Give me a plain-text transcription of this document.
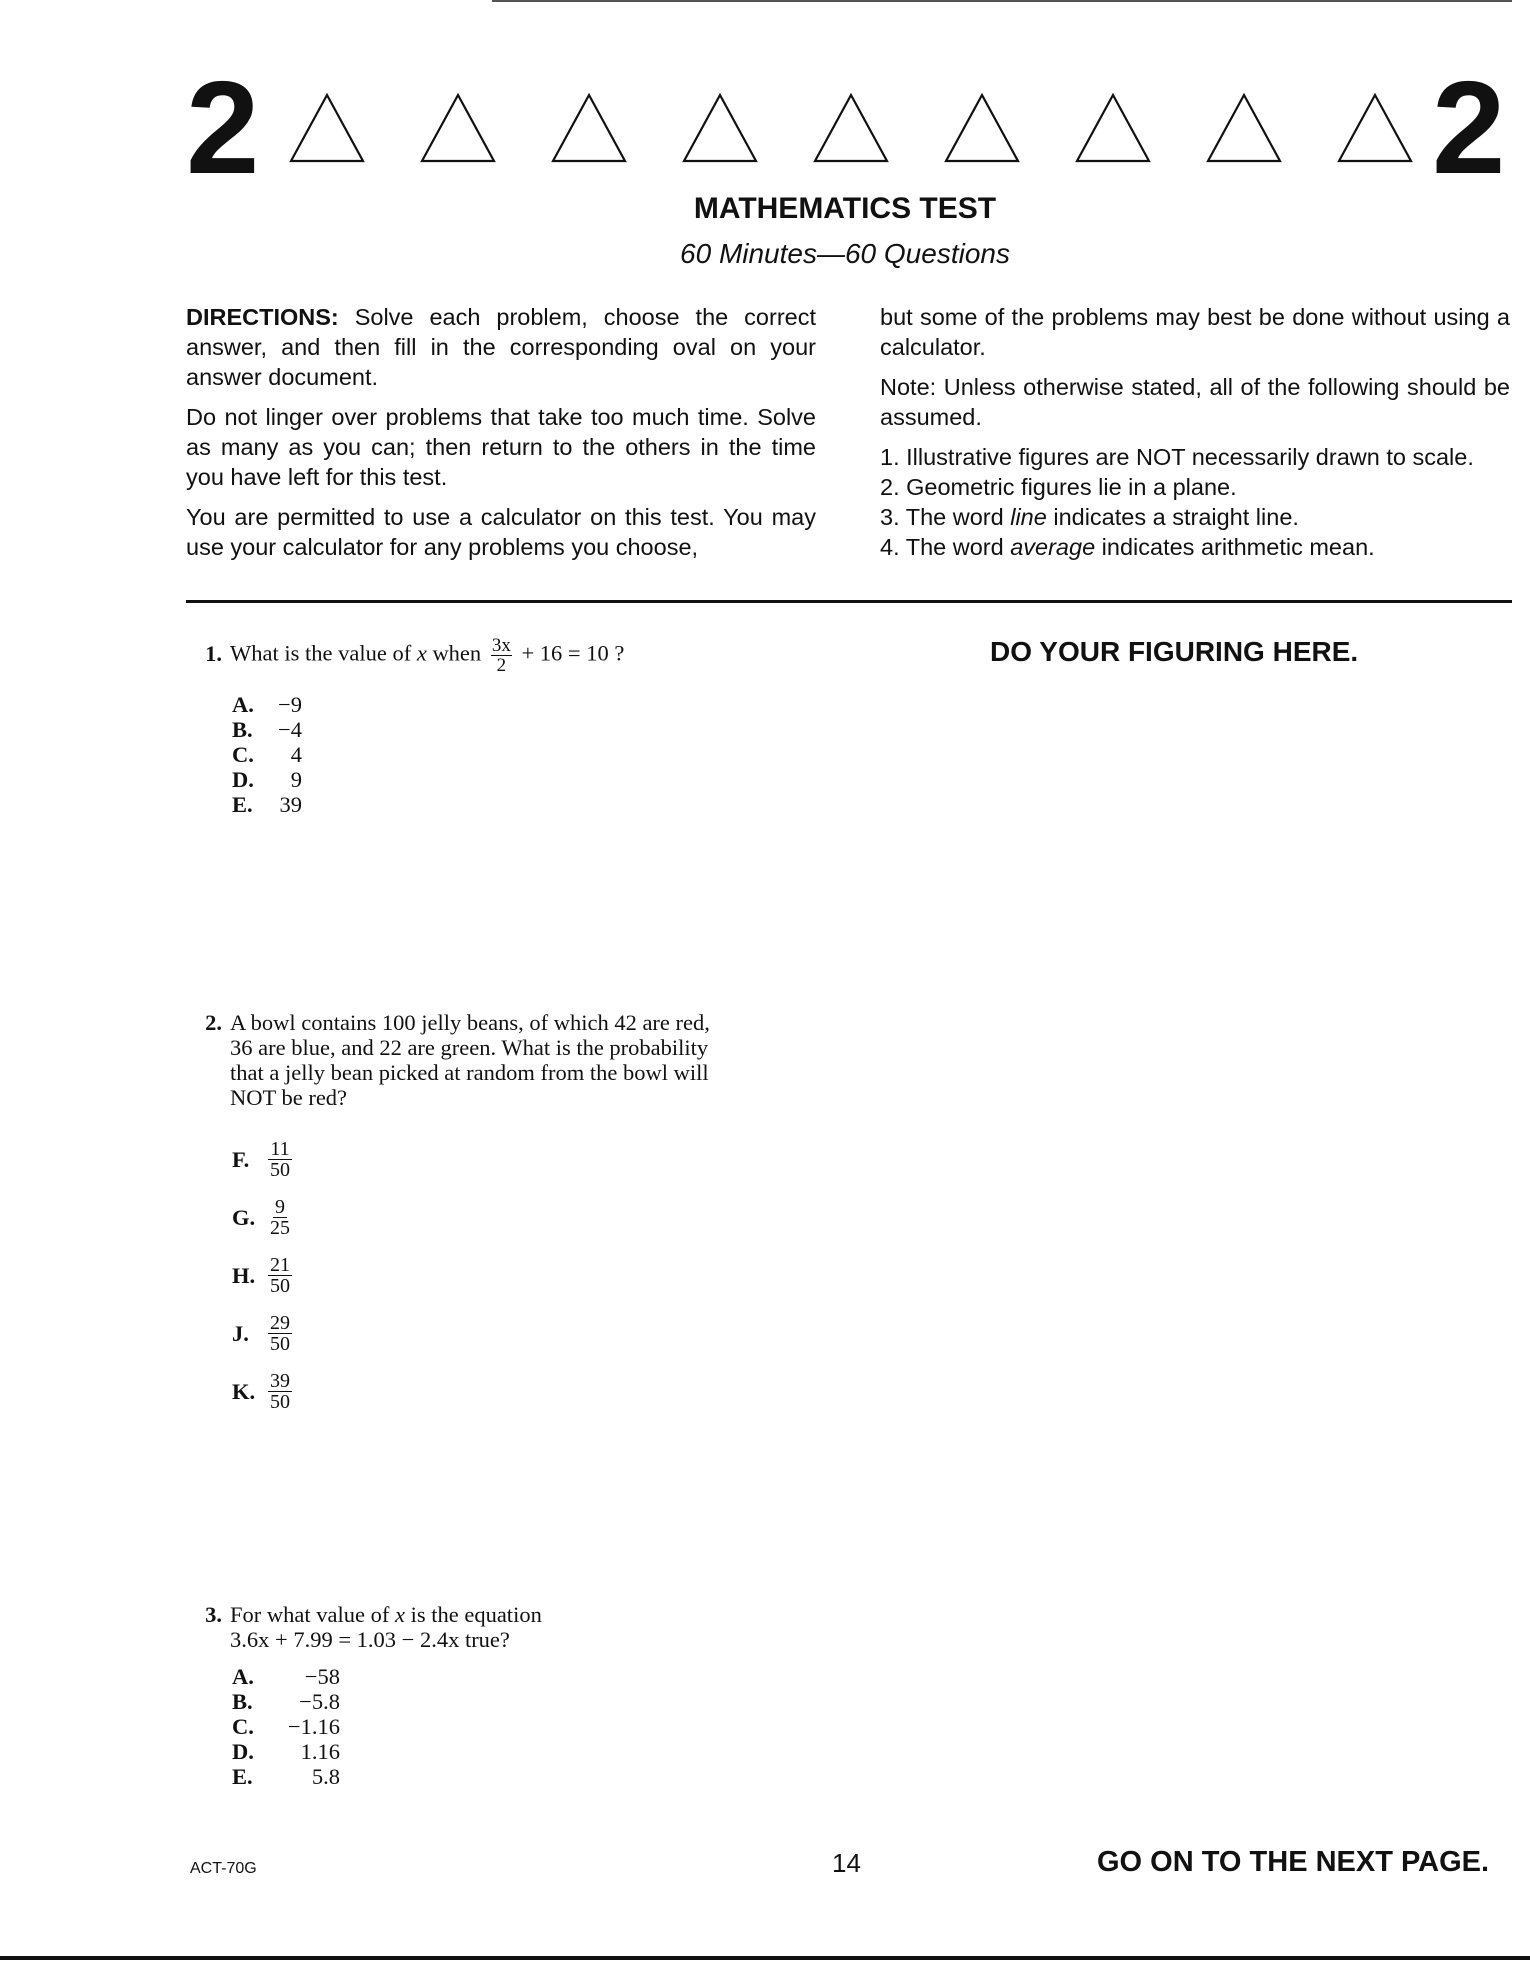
2	2
MATHEMATICS TEST
60 Minutes—60 Questions

DIRECTIONS: Solve each problem, choose the correct answer, and then fill in the corresponding oval on your answer document.

Do not linger over problems that take too much time. Solve as many as you can; then return to the others in the time you have left for this test.

You are permitted to use a calculator on this test. You may use your calculator for any problems you choose,

but some of the problems may best be done without using a calculator.

Note: Unless otherwise stated, all of the following should be assumed.

1. Illustrative figures are NOT necessarily drawn to scale.
2. Geometric figures lie in a plane.
3. The word line indicates a straight line.
4. The word average indicates arithmetic mean.
DO YOUR FIGURING HERE.
1. What is the value of x when $\frac{3x}{2} + 16 = 10$ ?
A.	−9
B.	−4
C.	4
D.	9
E.	39
2. A bowl contains 100 jelly beans, of which 42 are red,
36 are blue, and 22 are green. What is the probability
that a jelly bean picked at random from the bowl will
NOT be red?
F. $\frac{11}{50}$
G. $\frac{9}{25}$
H. $\frac{21}{50}$
J. $\frac{29}{50}$
K. $\frac{39}{50}$
3. For what value of x is the equation
3.6x + 7.99 = 1.03 − 2.4x true?
A.	−58
B.	−5.8
C.	−1.16
D.	1.16
E.	5.8
ACT-70G	14	GO ON TO THE NEXT PAGE.
